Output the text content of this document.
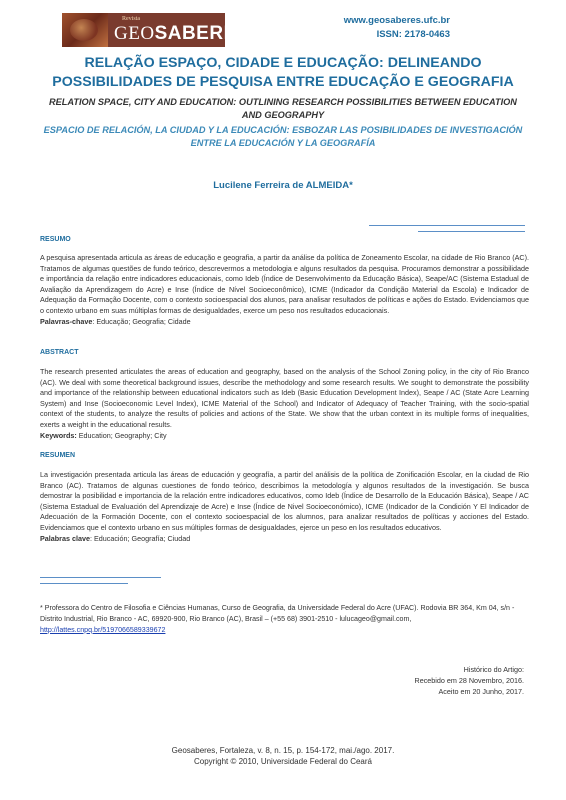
Revista
GEOSABERES
www.geosaberes.ufc.br
ISSN: 2178-0463
RELAÇÃO ESPAÇO, CIDADE E EDUCAÇÃO: DELINEANDO
POSSIBILIDADES DE PESQUISA ENTRE EDUCAÇÃO E GEOGRAFIA
RELATION SPACE, CITY AND EDUCATION: OUTLINING RESEARCH POSSIBILITIES BETWEEN EDUCATION
AND GEOGRAPHY
ESPACIO DE RELACIÓN, LA CIUDAD Y LA EDUCACIÓN: ESBOZAR LAS POSIBILIDADES DE INVESTIGACIÓN
ENTRE LA EDUCACIÓN Y LA GEOGRAFÍA
Lucilene Ferreira de ALMEIDA*
RESUMO

A pesquisa apresentada articula as áreas de educação e geografia, a partir da análise da política de Zoneamento Escolar, na cidade de Rio Branco (AC). Tratamos de algumas questões de fundo teórico, descrevermos a metodologia e alguns resultados da pesquisa. Procuramos demonstrar a possibilidade e importância da relação entre indicadores educacionais, como Ideb (Índice de Desenvolvimento da Educação Básica), Seape/AC (Sistema Estadual de Avaliação da Aprendizagem do Acre) e Inse (Índice de Nível Socioeconômico), ICME (Indicador da Condição Material da Escola) e Indicador de Adequação da Formação Docente, com o contexto socioespacial dos alunos, para analisar resultados de políticas e ações do Estado. Evidenciamos que o contexto urbano em suas múltiplas formas de desigualdades, exerce um peso nos resultados educacionais.

Palavras-chave: Educação; Geografia; Cidade

ABSTRACT

The research presented articulates the areas of education and geography, based on the analysis of the School Zoning policy, in the city of Rio Branco (AC). We deal with some theoretical background issues, describe the methodology and some research results. We sought to demonstrate the possibility and importance of the relationship between educational indicators such as Ideb (Basic Education Development Index), Seape / AC (State Acre Learning System) and Inse (Socioeconomic Level Index), ICME Material of the School) and Indicator of Adequacy of Teacher Training, with the socio-spatial context of the students, to analyze the results of policies and actions of the State. We show that the urban context in its multiple forms of inequalities, exerts a weight in the educational results.

Keywords: Education; Geography; City

RESUMEN

La investigación presentada articula las áreas de educación y geografía, a partir del análisis de la política de Zonificación Escolar, en la ciudad de Rio Branco (AC). Tratamos de algunas cuestiones de fondo teórico, describimos la metodología y algunos resultados de la investigación. Se busca demostrar la posibilidad e importancia de la relación entre indicadores educativos, como Ideb (Índice de Desarrollo de la Educación Básica), Seape / AC (Sistema Estadual de Evaluación del Aprendizaje de Acre) e Inse (Índice de Nivel Socioeconómico), ICME (Indicador de la Condición Y El Indicador de Adecuación de la Formación Docente, con el contexto socioespacial de los alumnos, para analizar resultados de políticas y acciones del Estado. Evidenciamos que el contexto urbano en sus múltiples formas de desigualdades, ejerce un peso en los resultados educativos.

Palabras clave: Educación; Geografía; Ciudad

* Professora do Centro de Filosofia e Ciências Humanas, Curso de Geografia, da Universidade Federal do Acre (UFAC). Rodovia BR 364, Km 04, s/n - Distrito Industrial, Rio Branco - AC, 69920-900, Rio Branco (AC), Brasil – (+55 68) 3901-2510 - lulucageo@gmail.com, http://lattes.cnpq.br/5197066589339672
Histórico do Artigo:
Recebido em 28 Novembro, 2016.
Aceito em 20 Junho, 2017.
Geosaberes, Fortaleza, v. 8, n. 15, p. 154-172, mai./ago. 2017.
Copyright © 2010, Universidade Federal do Ceará
